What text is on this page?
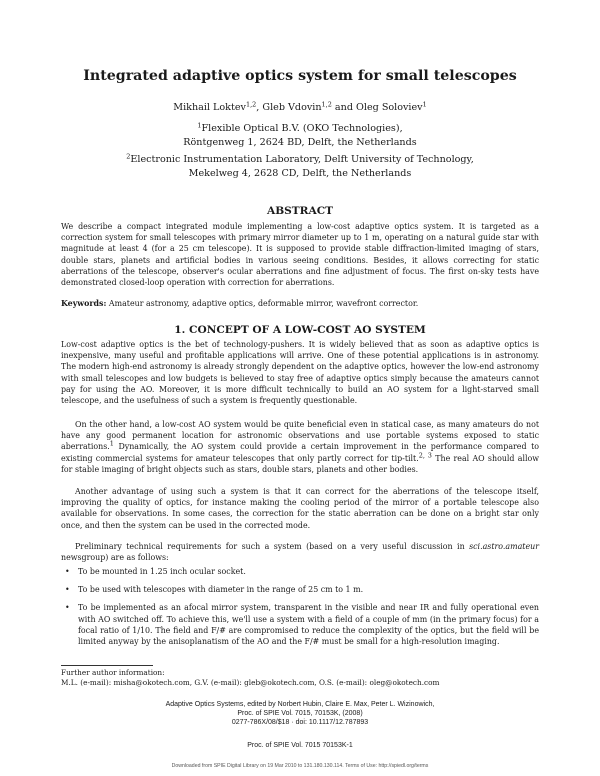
Integrated adaptive optics system for small telescopes
Mikhail Loktev$^{1,2}$, Gleb Vdovin$^{1,2}$ and Oleg Soloviev$^1$
$^1$Flexible Optical B.V. (OKO Technologies),
Röntgenweg 1, 2624 BD, Delft, the Netherlands
$^2$Electronic Instrumentation Laboratory, Delft University of Technology,
Mekelweg 4, 2628 CD, Delft, the Netherlands
ABSTRACT

We describe a compact integrated module implementing a low-cost adaptive optics system. It is targeted as a correction system for small telescopes with primary mirror diameter up to 1 m, operating on a natural guide star with magnitude at least 4 (for a 25 cm telescope). It is supposed to provide stable diffraction-limited imaging of stars, double stars, planets and artificial bodies in various seeing conditions. Besides, it allows correcting for static aberrations of the telescope, observer's ocular aberrations and fine adjustment of focus. The first on-sky tests have demonstrated closed-loop operation with correction for aberrations.

Keywords: Amateur astronomy, adaptive optics, deformable mirror, wavefront corrector.

1. CONCEPT OF A LOW-COST AO SYSTEM

Low-cost adaptive optics is the bet of technology-pushers. It is widely believed that as soon as adaptive optics is inexpensive, many useful and profitable applications will arrive. One of these potential applications is in astronomy. The modern high-end astronomy is already strongly dependent on the adaptive optics, however the low-end astronomy with small telescopes and low budgets is believed to stay free of adaptive optics simply because the amateurs cannot pay for using the AO. Moreover, it is more difficult technically to build an AO system for a light-starved small telescope, and the usefulness of such a system is frequently questionable.

On the other hand, a low-cost AO system would be quite beneficial even in statical case, as many amateurs do not have any good permanent location for astronomic observations and use portable systems exposed to static aberrations.$^1$ Dynamically, the AO system could provide a certain improvement in the performance compared to existing commercial systems for amateur telescopes that only partly correct for tip-tilt.$^{2, 3}$ The real AO should allow for stable imaging of bright objects such as stars, double stars, planets and other bodies.

Another advantage of using such a system is that it can correct for the aberrations of the telescope itself, improving the quality of optics, for instance making the cooling period of the mirror of a portable telescope also available for observations. In some cases, the correction for the static aberration can be done on a bright star only once, and then the system can be used in the corrected mode.

Preliminary technical requirements for such a system (based on a very useful discussion in sci.astro.amateur newsgroup) are as follows:

• To be mounted in 1.25 inch ocular socket.
• To be used with telescopes with diameter in the range of 25 cm to 1 m.
• To be implemented as an afocal mirror system, transparent in the visible and near IR and fully operational even with AO switched off. To achieve this, we'll use a system with a field of a couple of mm (in the primary focus) for a focal ratio of 1/10. The field and F/# are compromised to reduce the complexity of the optics, but the field will be limited anyway by the anisoplanatism of the AO and the F/# must be small for a high-resolution imaging.
Further author information:
M.L. (e-mail): misha@okotech.com, G.V. (e-mail): gleb@okotech.com, O.S. (e-mail): oleg@okotech.com
Adaptive Optics Systems, edited by Norbert Hubin, Claire E. Max, Peter L. Wizinowich,
Proc. of SPIE Vol. 7015, 70153K, (2008)
0277-786X/08/$18 · doi: 10.1117/12.787893
Proc. of SPIE Vol. 7015 70153K-1
Downloaded from SPIE Digital Library on 19 Mar 2010 to 131.180.130.114. Terms of Use: http://spiedl.org/terms
